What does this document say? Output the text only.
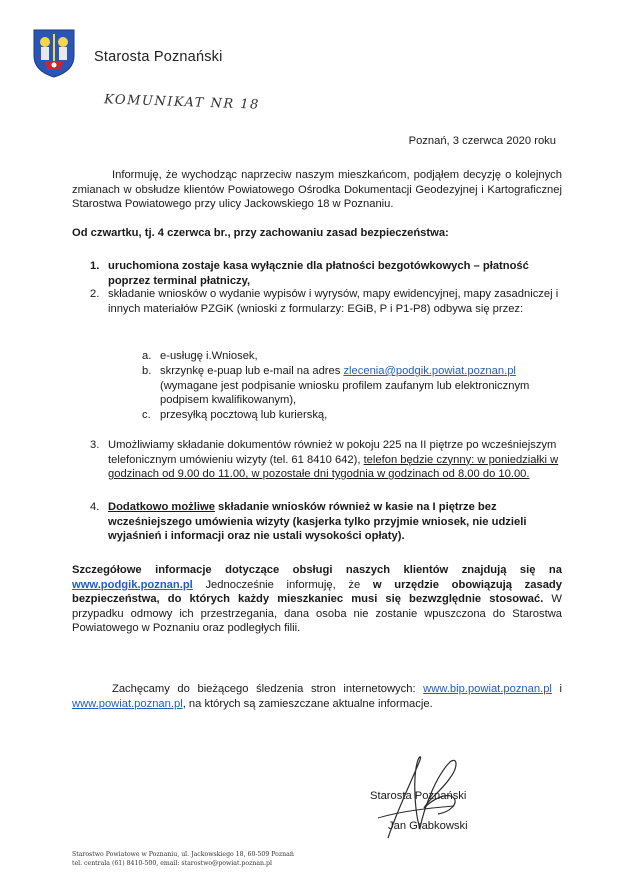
Starosta Poznański
KOMUNIKAT NR 18
Poznań, 3 czerwca 2020 roku
Informuję, że wychodząc naprzeciw naszym mieszkańcom, podjąłem decyzję o kolejnych zmianach w obsłudze klientów Powiatowego Ośrodka Dokumentacji Geodezyjnej i Kartograficznej Starostwa Powiatowego przy ulicy Jackowskiego 18 w Poznaniu.
Od czwartku, tj. 4 czerwca br., przy zachowaniu zasad bezpieczeństwa:
1. uruchomiona zostaje kasa wyłącznie dla płatności bezgotówkowych – płatność poprzez terminal płatniczy,
2. składanie wniosków o wydanie wypisów i wyrysów, mapy ewidencyjnej, mapy zasadniczej i innych materiałów PZGiK (wnioski z formularzy: EGiB, P i P1-P8) odbywa się przez:
a. e-usługę i.Wniosek,
b. skrzynkę e-puap lub e-mail na adres zlecenia@podgik.powiat.poznan.pl
(wymagane jest podpisanie wniosku profilem zaufanym lub elektronicznym podpisem kwalifikowanym),
c. przesyłką pocztową lub kurierską,
3. Umożliwiamy składanie dokumentów również w pokoju 225 na II piętrze po wcześniejszym telefonicznym umówieniu wizyty (tel. 61 8410 642), telefon będzie czynny: w poniedziałki w godzinach od 9.00 do 11.00, w pozostałe dni tygodnia w godzinach od 8.00 do 10.00.
4. Dodatkowo możliwe składanie wniosków również w kasie na I piętrze bez wcześniejszego umówienia wizyty (kasjerka tylko przyjmie wniosek, nie udzieli wyjaśnień i informacji oraz nie ustali wysokości opłaty).
Szczegółowe informacje dotyczące obsługi naszych klientów znajdują się na www.podgik.poznan.pl Jednocześnie informuję, że w urzędzie obowiązują zasady bezpieczeństwa, do których każdy mieszkaniec musi się bezwzględnie stosować. W przypadku odmowy ich przestrzegania, dana osoba nie zostanie wpuszczona do Starostwa Powiatowego w Poznaniu oraz podległych filii.
Zachęcamy do bieżącego śledzenia stron internetowych: www.bip.powiat.poznan.pl i www.powiat.poznan.pl, na których są zamieszczane aktualne informacje.
Starosta Poznański
Jan Grabkowski
Starostwo Powiatowe w Poznaniu, ul. Jackowskiego 18, 60-509 Poznań
tel. centrala (61) 8410-500, email: starostwo@powiat.poznan.pl
